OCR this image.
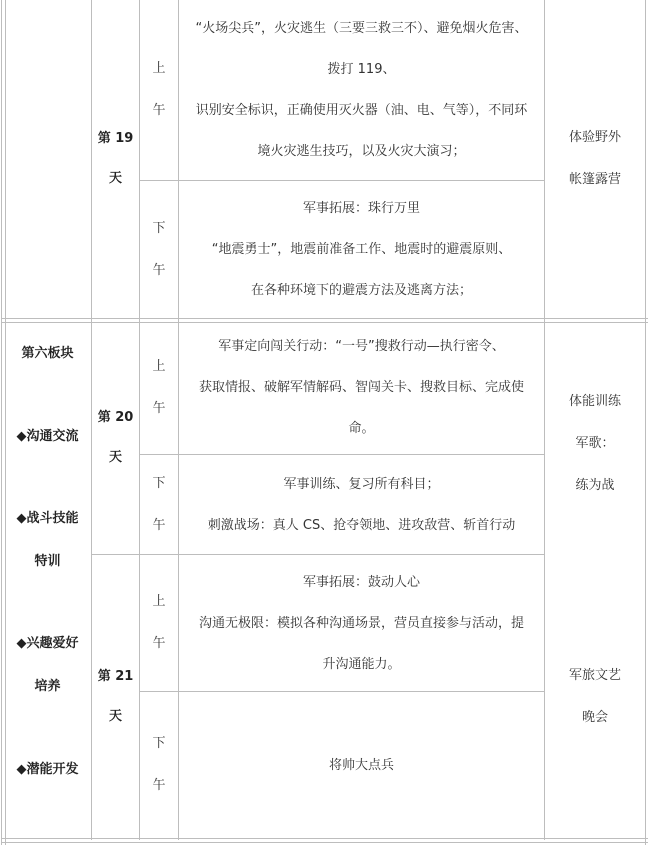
第六板块
◆沟通交流
◆战斗技能
特训
◆兴趣爱好
培养
◆潜能开发
第 19
天
上
午
“火场尖兵”，火灾逃生（三要三救三不）、避免烟火危害、
拨打 119、
识别安全标识，正确使用灭火器（油、电、气等），不同环
境火灾逃生技巧，以及火灾大演习；
下
午
军事拓展：珠行万里
“地震勇士”，地震前准备工作、地震时的避震原则、
在各种环境下的避震方法及逃离方法；
体验野外
帐篷露营
第 20
天
上
午
军事定向闯关行动：“一号”搜救行动—执行密令、
获取情报、破解军情解码、智闯关卡、搜救目标、完成使
命。
下
午
军事训练、复习所有科目；
刺激战场：真人 CS、抢夺领地、进攻敌营、斩首行动
体能训练
军歌：
练为战
第 21
天
上
午
军事拓展：鼓动人心
沟通无极限：模拟各种沟通场景，营员直接参与活动，提
升沟通能力。
下
午
将帅大点兵
军旅文艺
晚会
